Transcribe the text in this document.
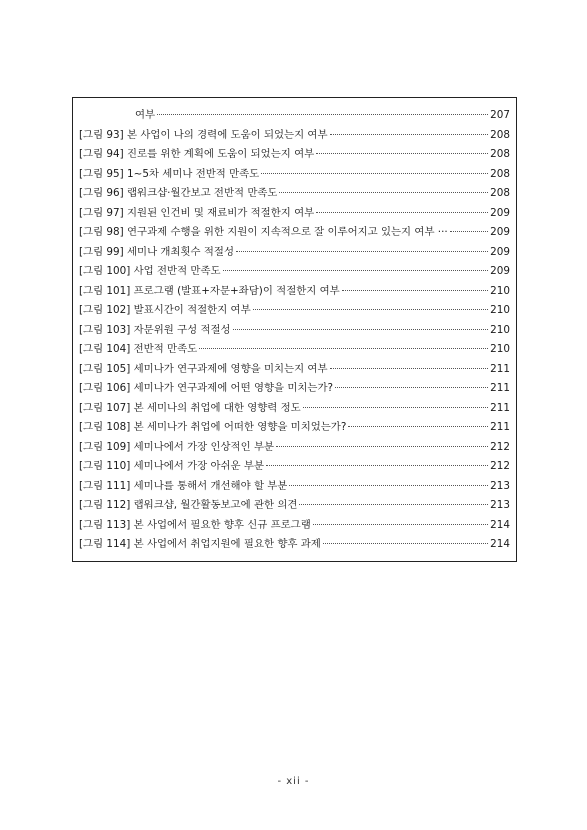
여부	207
[그림 93] 본 사업이 나의 경력에 도움이 되었는지 여부	208
[그림 94] 진로를 위한 계획에 도움이 되었는지 여부	208
[그림 95] 1~5차 세미나 전반적 만족도	208
[그림 96] 랩워크샵·월간보고 전반적 만족도	208
[그림 97] 지원된 인건비 및 재료비가 적절한지 여부	209
[그림 98] 연구과제 수행을 위한 지원이 지속적으로 잘 이루어지고 있는지 여부 ···	209
[그림 99] 세미나 개최횟수 적절성	209
[그림 100] 사업 전반적 만족도	209
[그림 101] 프로그램 (발표+자문+좌담)이 적절한지 여부	210
[그림 102] 발표시간이 적절한지 여부	210
[그림 103] 자문위원 구성 적절성	210
[그림 104] 전반적 만족도	210
[그림 105] 세미나가 연구과제에 영향을 미치는지 여부	211
[그림 106] 세미나가 연구과제에 어떤 영향을 미치는가?	211
[그림 107] 본 세미나의 취업에 대한 영향력 정도	211
[그림 108] 본 세미나가 취업에 어떠한 영향을 미치었는가?	211
[그림 109] 세미나에서 가장 인상적인 부분	212
[그림 110] 세미나에서 가장 아쉬운 부분	212
[그림 111] 세미나를 통해서 개선해야 할 부분	213
[그림 112] 랩워크샵, 월간활동보고에 관한 의견	213
[그림 113] 본 사업에서 필요한 향후 신규 프로그램	214
[그림 114] 본 사업에서 취업지원에 필요한 향후 과제	214
- xii -
